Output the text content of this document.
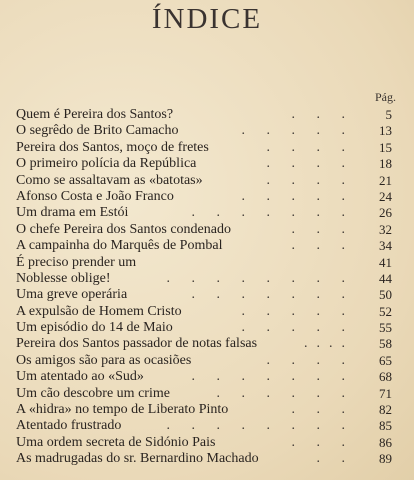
ÍNDICE
Pág.
Quem é Pereira dos Santos?	. . .	5
O segrêdo de Brito Camacho	. . . . .	13
Pereira dos Santos, moço de fretes	. . . .	15
O primeiro polícia da República	. . . .	18
Como se assaltavam as «batotas»	. . . .	21
Afonso Costa e João Franco	. . . . .	24
Um drama em Estói	. . . . . . .	26
O chefe Pereira dos Santos condenado	. . .	32
A campainha do Marquês de Pombal	. . .	34
É preciso prender um	41
Noblesse oblige!	. . . . . . . .	44
Uma greve operária	. . . . . . .	50
A expulsão de Homem Cristo	. . . . .	52
Um episódio do 14 de Maio	. . . . .	55
Pereira dos Santos passador de notas falsas	....	58
Os amigos são para as ocasiões	. . . .	65
Um atentado ao «Sud»	. . . . . . .	68
Um cão descobre um crime	. . . . . .	71
A «hidra» no tempo de Liberato Pinto	. . .	82
Atentado frustrado	. . . . . . . .	85
Uma ordem secreta de Sidónio Pais	. . .	86
As madrugadas do sr. Bernardino Machado	. .	89
